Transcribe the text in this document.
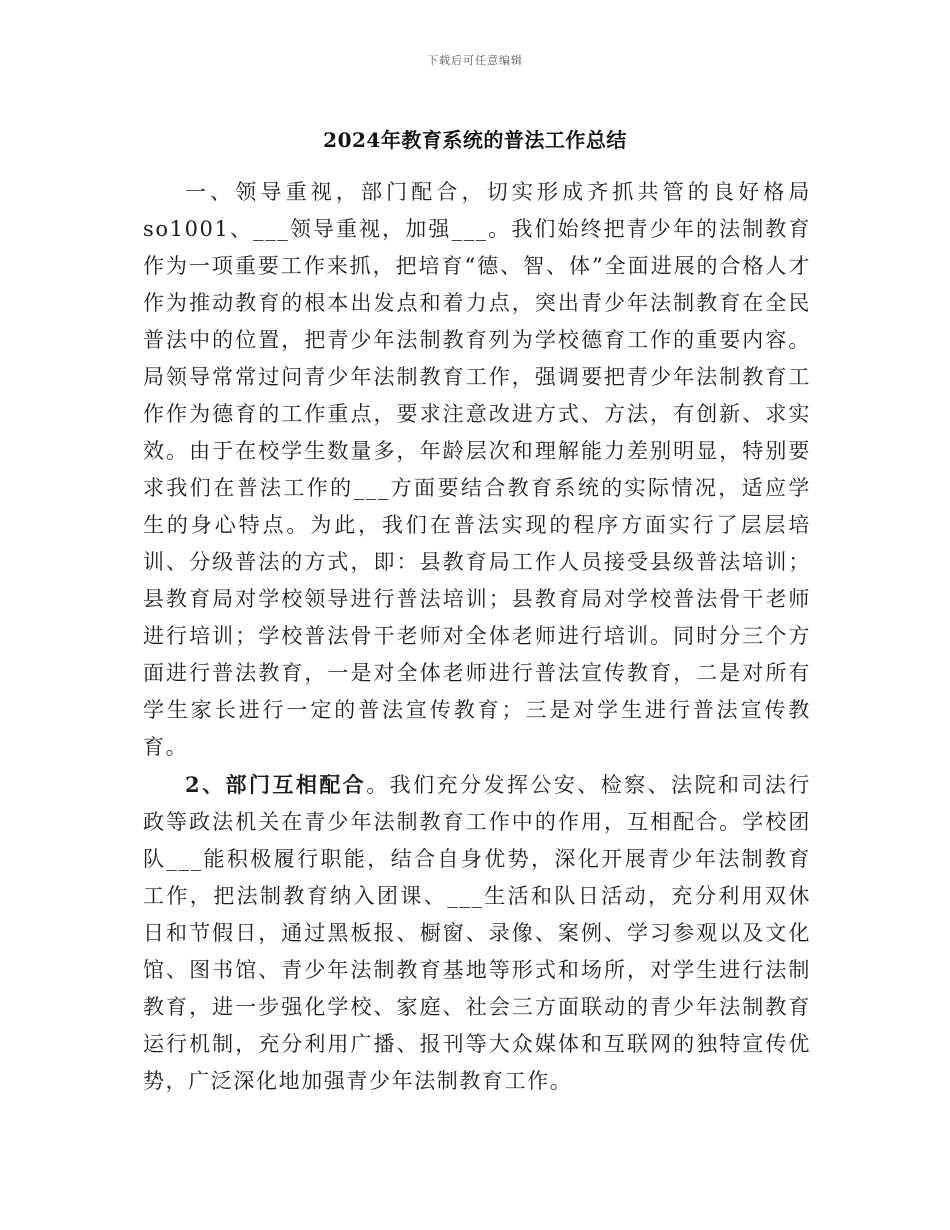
下载后可任意编辑
2024年教育系统的普法工作总结

一、领导重视，部门配合，切实形成齐抓共管的良好格局so1001、___领导重视，加强___。我们始终把青少年的法制教育作为一项重要工作来抓，把培育“德、智、体”全面进展的合格人才作为推动教育的根本出发点和着力点，突出青少年法制教育在全民普法中的位置，把青少年法制教育列为学校德育工作的重要内容。局领导常常过问青少年法制教育工作，强调要把青少年法制教育工作作为德育的工作重点，要求注意改进方式、方法，有创新、求实效。由于在校学生数量多，年龄层次和理解能力差别明显，特别要求我们在普法工作的___方面要结合教育系统的实际情况，适应学生的身心特点。为此，我们在普法实现的程序方面实行了层层培训、分级普法的方式，即：县教育局工作人员接受县级普法培训；县教育局对学校领导进行普法培训；县教育局对学校普法骨干老师进行培训；学校普法骨干老师对全体老师进行培训。同时分三个方面进行普法教育，一是对全体老师进行普法宣传教育，二是对所有学生家长进行一定的普法宣传教育；三是对学生进行普法宣传教育。

2、部门互相配合。我们充分发挥公安、检察、法院和司法行政等政法机关在青少年法制教育工作中的作用，互相配合。学校团队___能积极履行职能，结合自身优势，深化开展青少年法制教育工作，把法制教育纳入团课、___生活和队日活动，充分利用双休日和节假日，通过黑板报、橱窗、录像、案例、学习参观以及文化馆、图书馆、青少年法制教育基地等形式和场所，对学生进行法制教育，进一步强化学校、家庭、社会三方面联动的青少年法制教育运行机制，充分利用广播、报刊等大众媒体和互联网的独特宣传优势，广泛深化地加强青少年法制教育工作。
